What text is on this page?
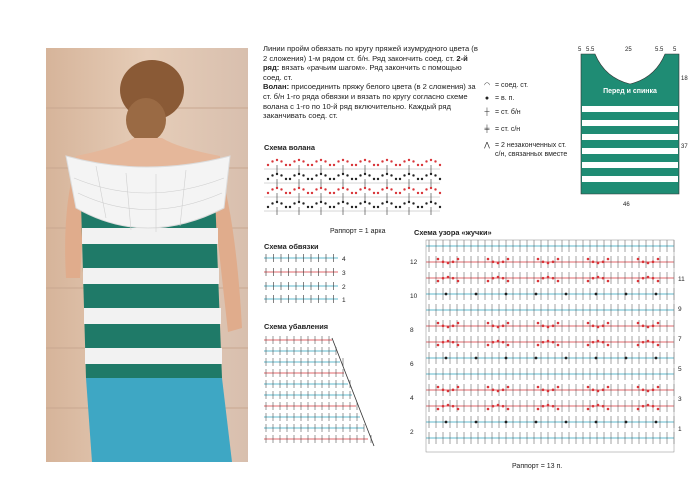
Линии пройм обвязать по кругу пряжей изумрудного цвета (в 2 сложения) 1-м рядом ст. б/н. Ряд закончить соед. ст. 2-й ряд: вязать «рачьим шагом». Ряд закончить с помощью соед. ст.

Волан: присоединить пряжу белого цвета (в 2 сложения) за ст. б/н 1-го ряда обвязки и вязать по кругу согласно схеме волана с 1-го по 10-й ряд включительно. Каждый ряд заканчивать соед. ст.

◠ = соед. ст.
● = в. п.
┼ = ст. б/н
╪ = ст. с/н
⋀ = 2 незаконченных ст. с/н, связанных вместе
Перед и спинка
5 5.5	25	5.5 5
18
37
46
Схема волана
Раппорт = 1 арка
Схема обвязки
4
3
2
1
Схема убавления
Схема узора «жучки»
Раппорт = 13 п.
12
10
8
6
4
2
11
9
7
5
3
1
